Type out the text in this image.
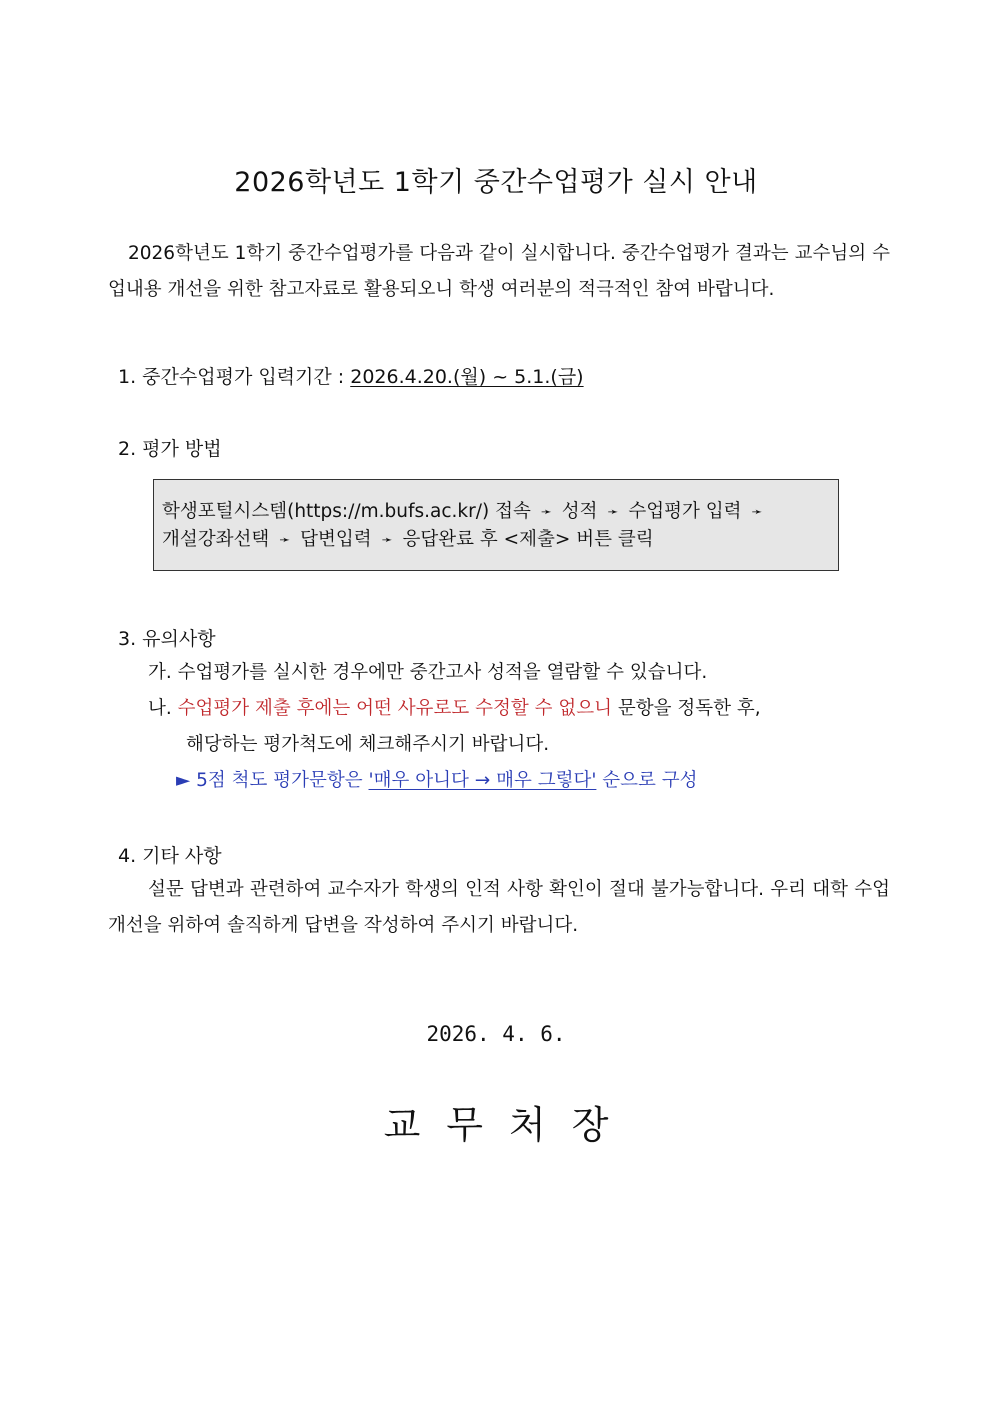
2026학년도 1학기 중간수업평가 실시 안내
2026학년도 1학기 중간수업평가를 다음과 같이 실시합니다. 중간수업평가 결과는 교수님의 수업내용 개선을 위한 참고자료로 활용되오니 학생 여러분의 적극적인 참여 바랍니다.
1. 중간수업평가 입력기간 : 2026.4.20.(월) ~ 5.1.(금)
2. 평가 방법
학생포털시스템(https://m.bufs.ac.kr/) 접속 ➛ 성적 ➛ 수업평가 입력 ➛
개설강좌선택 ➛ 답변입력 ➛ 응답완료 후 <제출> 버튼 클릭
3. 유의사항
가. 수업평가를 실시한 경우에만 중간고사 성적을 열람할 수 있습니다.
나. 수업평가 제출 후에는 어떤 사유로도 수정할 수 없으니 문항을 정독한 후,
해당하는 평가척도에 체크해주시기 바랍니다.
► 5점 척도 평가문항은 '매우 아니다 → 매우 그렇다' 순으로 구성
4. 기타 사항
설문 답변과 관련하여 교수자가 학생의 인적 사항 확인이 절대 불가능합니다. 우리 대학 수업 개선을 위하여 솔직하게 답변을 작성하여 주시기 바랍니다.
2026. 4. 6.
교무처장
